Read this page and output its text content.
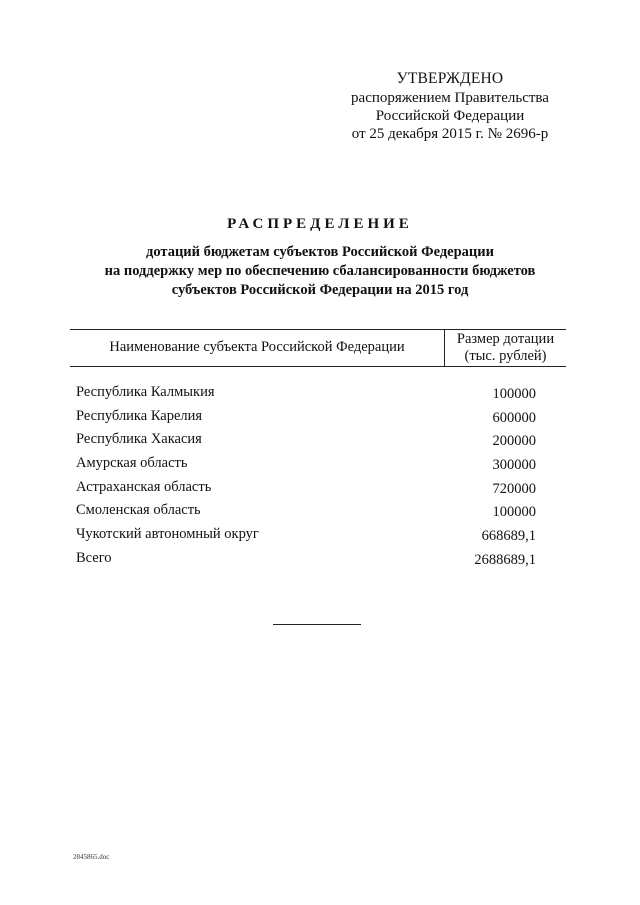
УТВЕРЖДЕНО
распоряжением Правительства
Российской Федерации
от 25 декабря 2015 г. № 2696-р
РАСПРЕДЕЛЕНИЕ
дотаций бюджетам субъектов Российской Федерации
на поддержку мер по обеспечению сбалансированности бюджетов
субъектов Российской Федерации на 2015 год
Наименование субъекта Российской Федерации	Размер дотации
(тыс. рублей)
Республика Калмыкия	100000
Республика Карелия	600000
Республика Хакасия	200000
Амурская область	300000
Астраханская область	720000
Смоленская область	100000
Чукотский автономный округ	668689,1
Всего	2688689,1
2845865.doc
